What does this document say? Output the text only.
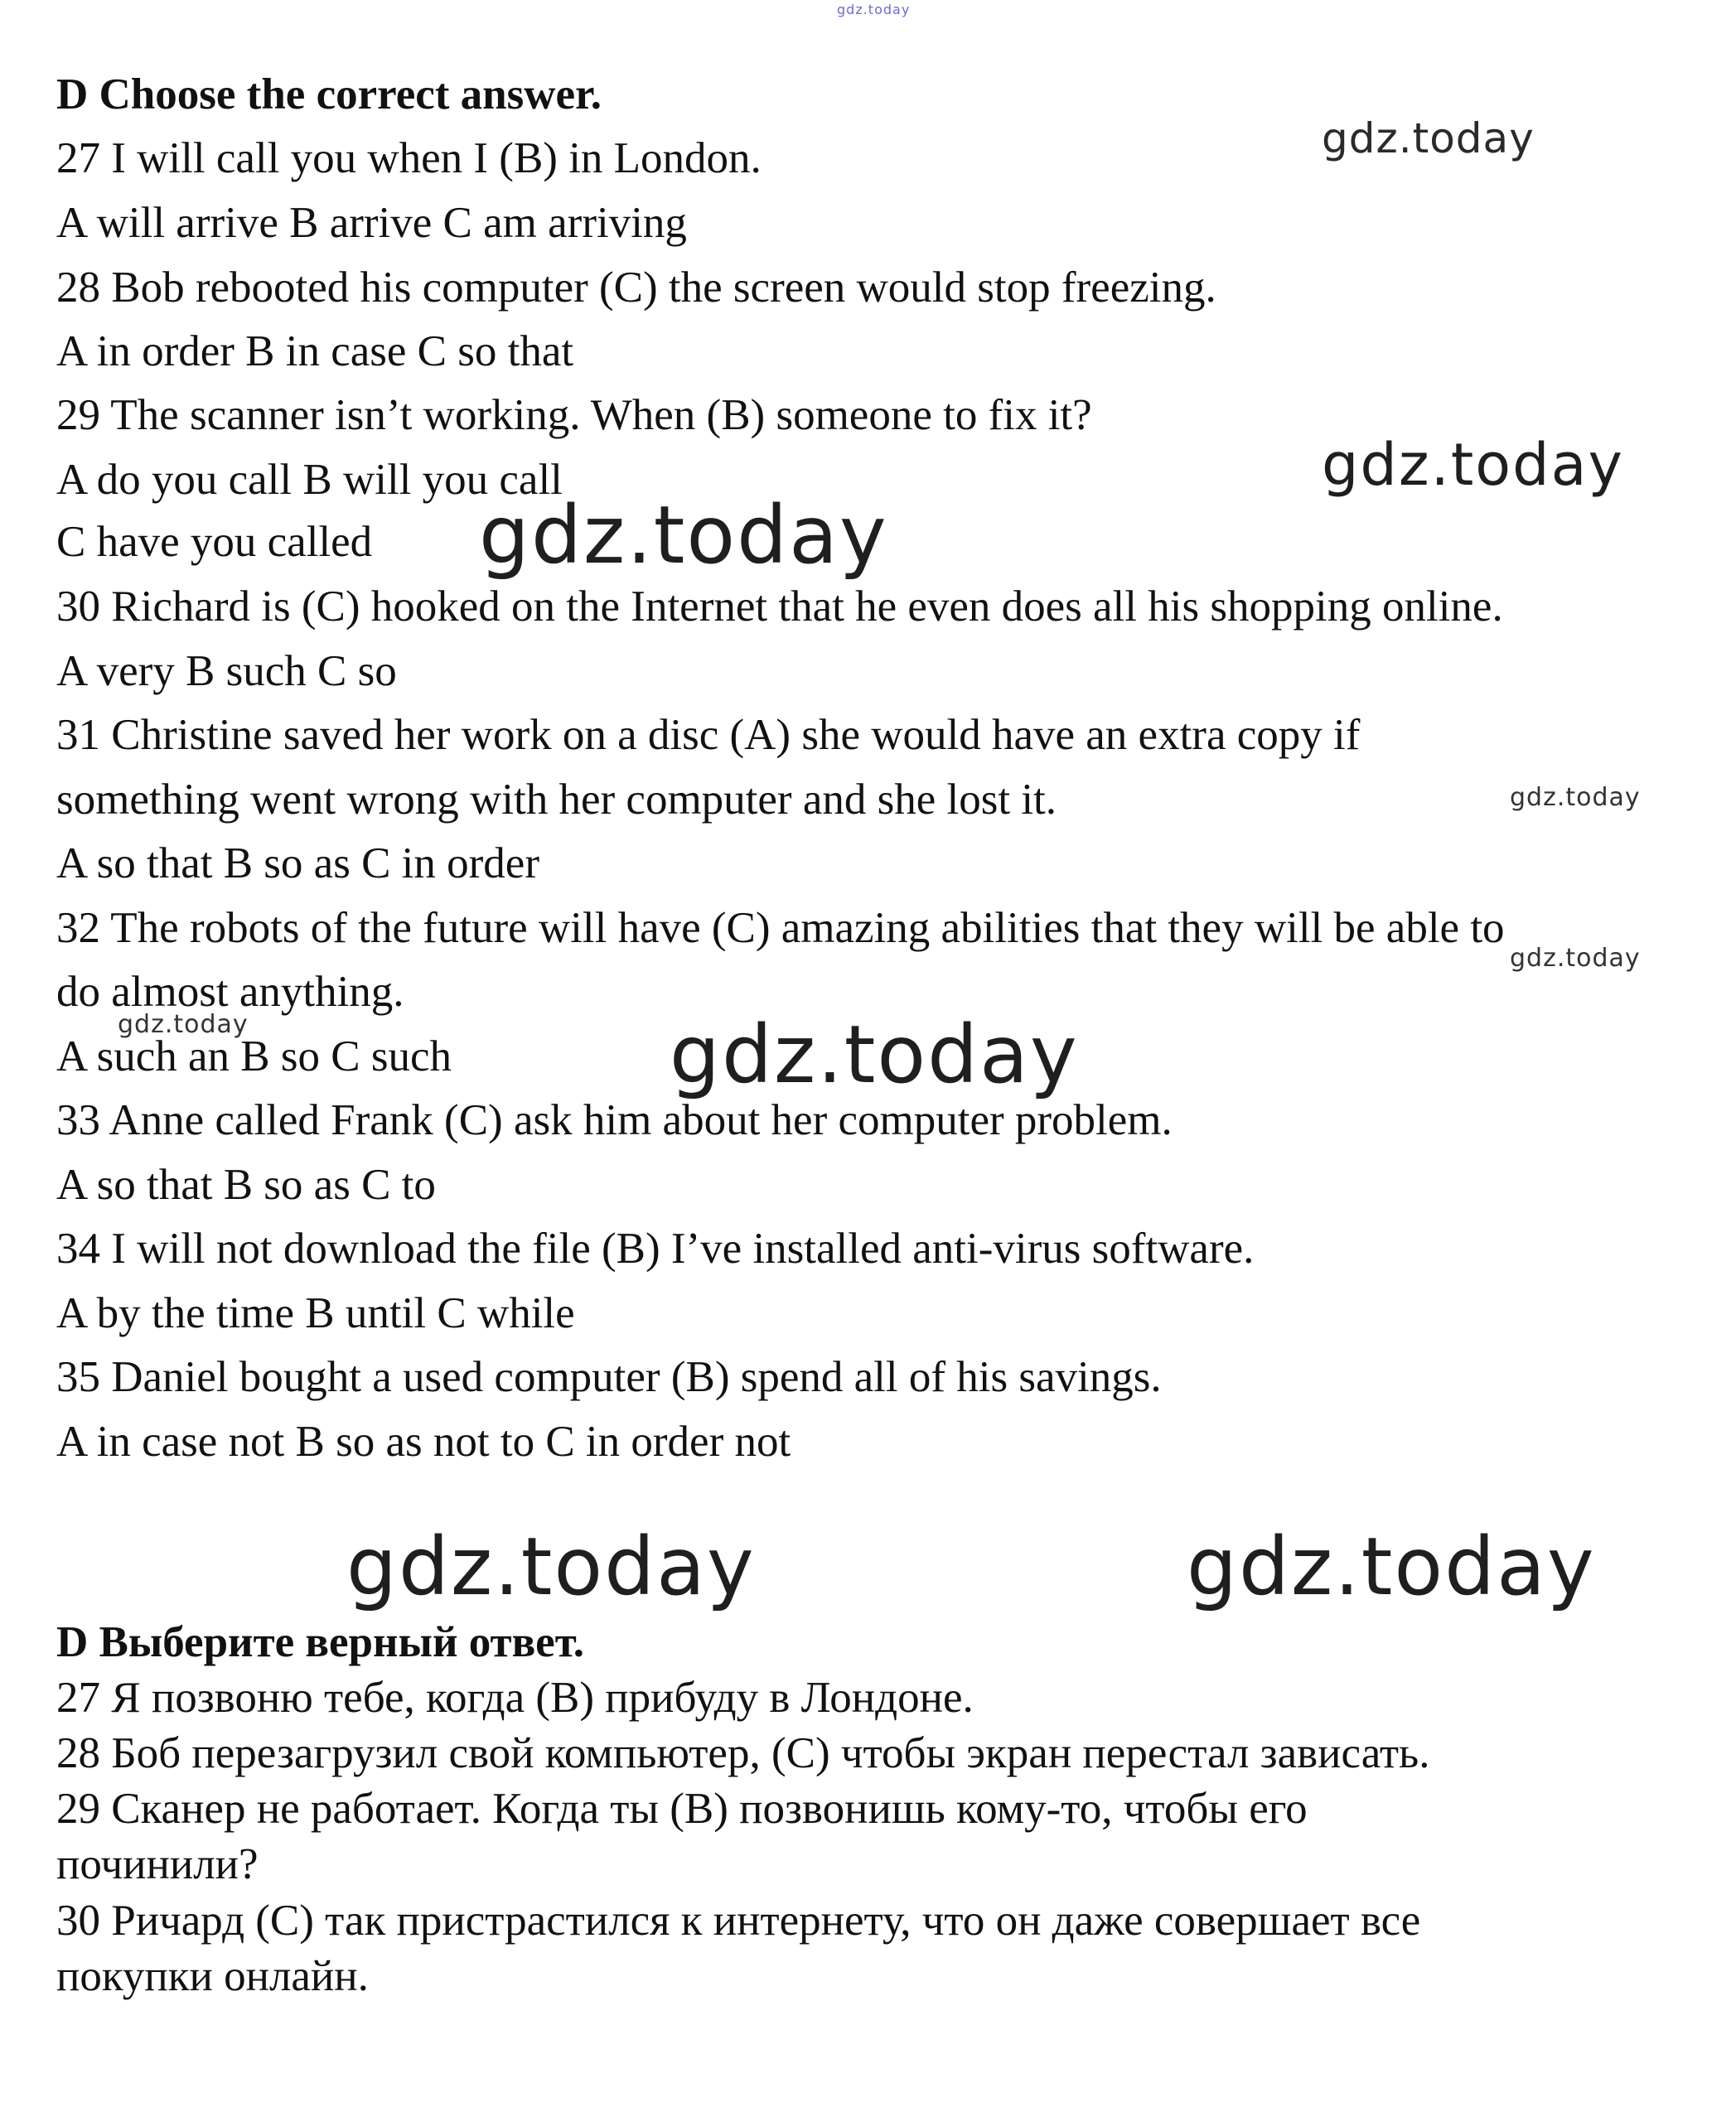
D Choose the correct answer.
27 I will call you when I (B) in London.
A will arrive B arrive C am arriving
28 Bob rebooted his computer (C) the screen would stop freezing.
A in order B in case C so that
29 The scanner isn’t working. When (B) someone to fix it?
A do you call B will you call
C have you called
30 Richard is (C) hooked on the Internet that he even does all his shopping online.
A very B such C so
31 Christine saved her work on a disc (A) she would have an extra copy if
something went wrong with her computer and she lost it.
A so that B so as C in order
32 The robots of the future will have (C) amazing abilities that they will be able to
do almost anything.
A such an B so C such
33 Anne called Frank (C) ask him about her computer problem.
A so that B so as C to
34 I will not download the file (B) I’ve installed anti-virus software.
A by the time B until C while
35 Daniel bought a used computer (B) spend all of his savings.
A in case not B so as not to C in order not
D Выберите верный ответ.
27 Я позвоню тебе, когда (B) прибуду в Лондоне.
28 Боб перезагрузил свой компьютер, (C) чтобы экран перестал зависать.
29 Сканер не работает. Когда ты (B) позвонишь кому-то, чтобы его
починили?
30 Ричард (C) так пристрастился к интернету, что он даже совершает все
покупки онлайн.
gdz.today
gdz.today
gdz.today
gdz.today
gdz.today
gdz.today
gdz.today	gdz.today
gdz.today	gdz.today
